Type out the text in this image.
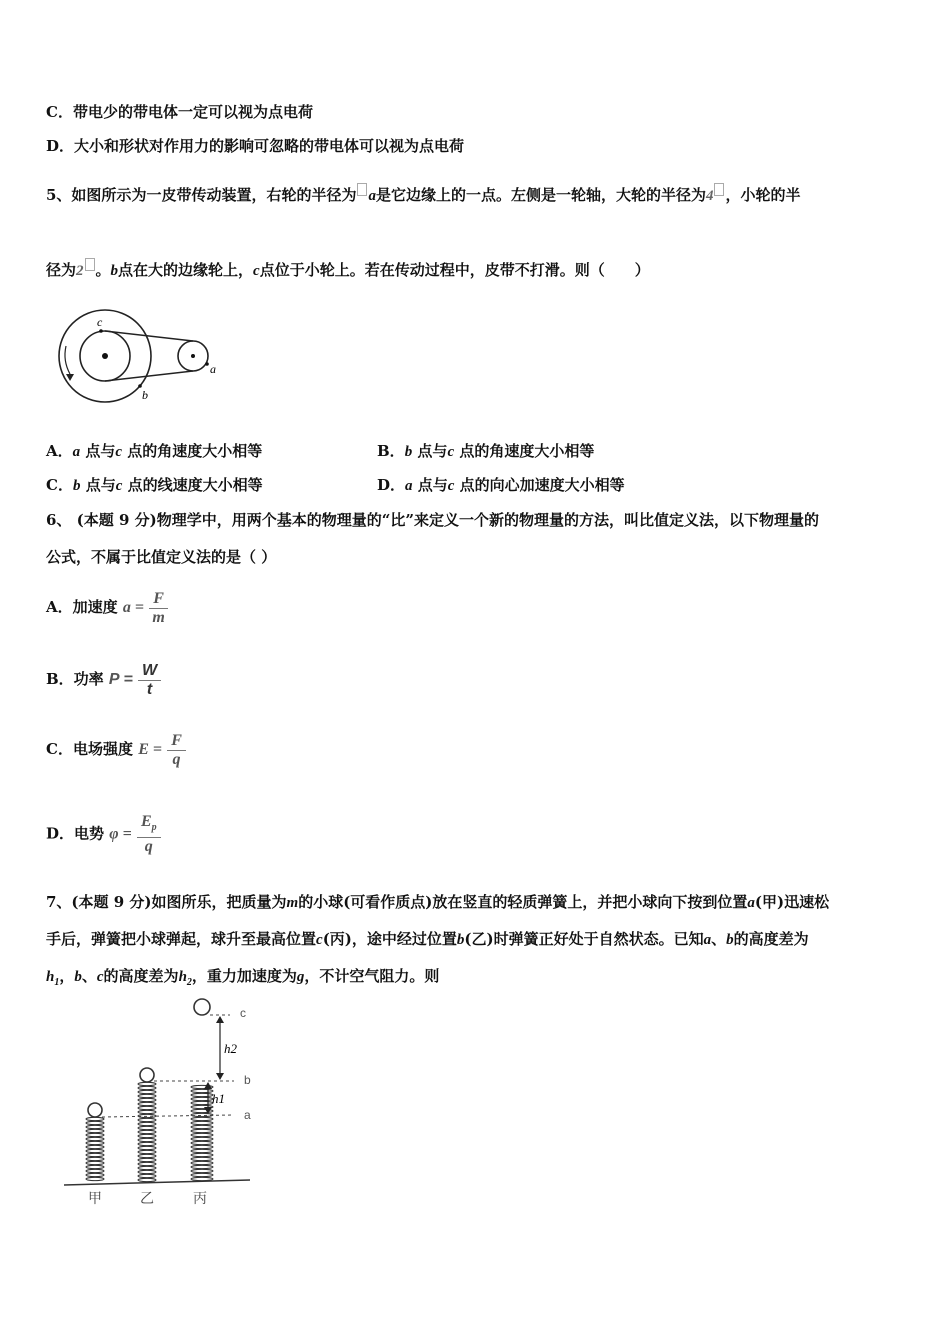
C．带电少的带电体一定可以视为点电荷
D．大小和形状对作用力的影响可忽略的带电体可以视为点电荷
5、如图所示为一皮带传动装置，右轮的半径为 a是它边缘上的一点。左侧是一轮轴，大轮的半径为4 ，小轮的半
径为2 。b点在大的边缘轮上，c点位于小轮上。若在传动过程中，皮带不打滑。则（　　）
c
b
a
A．a 点与c 点的角速度大小相等	B．b 点与c 点的角速度大小相等
C．b 点与c 点的线速度大小相等	D．a 点与c 点的向心加速度大小相等
6、 (本题 9 分)物理学中，用两个基本的物理量的“比”来定义一个新的物理量的方法，叫比值定义法，以下物理量的
公式，不属于比值定义法的是（ ）
A．加速度 $a = \frac{F}{m}$
B．功率 $P = \frac{W}{t}$
C．电场强度 $E = \frac{F}{q}$
D．电势 $\varphi = \frac{E_p}{q}$
7、(本题 9 分)如图所乐，把质量为m的小球(可看作质点)放在竖直的轻质弹簧上，并把小球向下按到位置a(甲)迅速松
手后，弹簧把小球弹起，球升至最高位置c(丙)，途中经过位置b(乙)时弹簧正好处于自然状态。已知a、b的高度差为
$h_1$，b、c的高度差为$h_2$，重力加速度为g，不计空气阻力。则
h2
h1
c
b
a
甲	乙	丙
